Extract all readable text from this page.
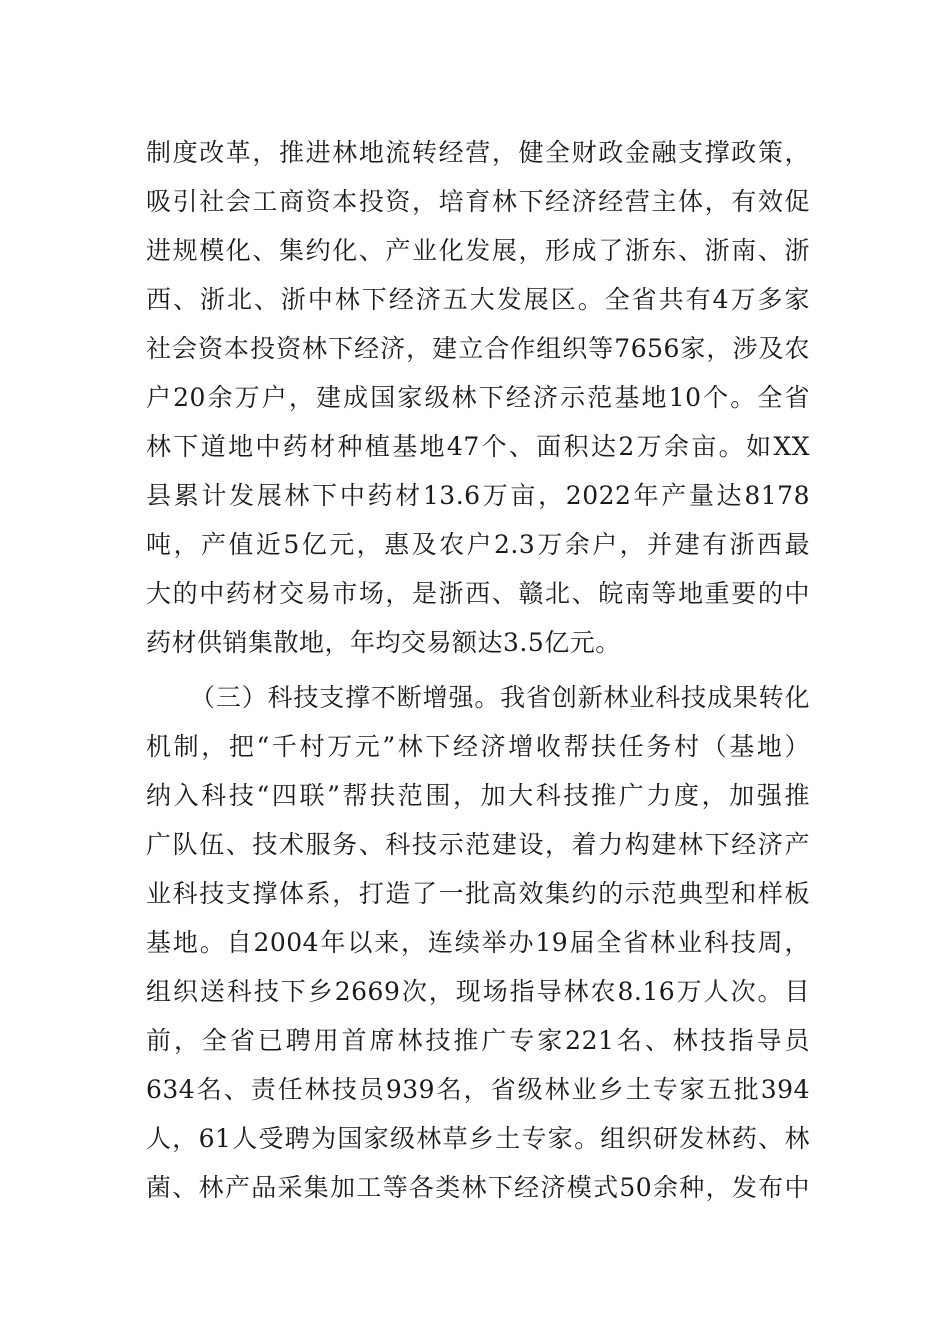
制度改革，推进林地流转经营，健全财政金融支撑政策，
吸引社会工商资本投资，培育林下经济经营主体，有效促
进规模化、集约化、产业化发展，形成了浙东、浙南、浙
西、浙北、浙中林下经济五大发展区。全省共有4万多家
社会资本投资林下经济，建立合作组织等7656家，涉及农
户20余万户，建成国家级林下经济示范基地10个。全省
林下道地中药材种植基地47个、面积达2万余亩。如XX
县累计发展林下中药材13.6万亩，2022年产量达8178
吨，产值近5亿元，惠及农户2.3万余户，并建有浙西最
大的中药材交易市场，是浙西、赣北、皖南等地重要的中
药材供销集散地，年均交易额达3.5亿元。
（三）科技支撑不断增强。我省创新林业科技成果转化
机制，把“千村万元”林下经济增收帮扶任务村（基地）
纳入科技“四联”帮扶范围，加大科技推广力度，加强推
广队伍、技术服务、科技示范建设，着力构建林下经济产
业科技支撑体系，打造了一批高效集约的示范典型和样板
基地。自2004年以来，连续举办19届全省林业科技周，
组织送科技下乡2669次，现场指导林农8.16万人次。目
前，全省已聘用首席林技推广专家221名、林技指导员
634名、责任林技员939名，省级林业乡土专家五批394
人，61人受聘为国家级林草乡土专家。组织研发林药、林
菌、林产品采集加工等各类林下经济模式50余种，发布中
